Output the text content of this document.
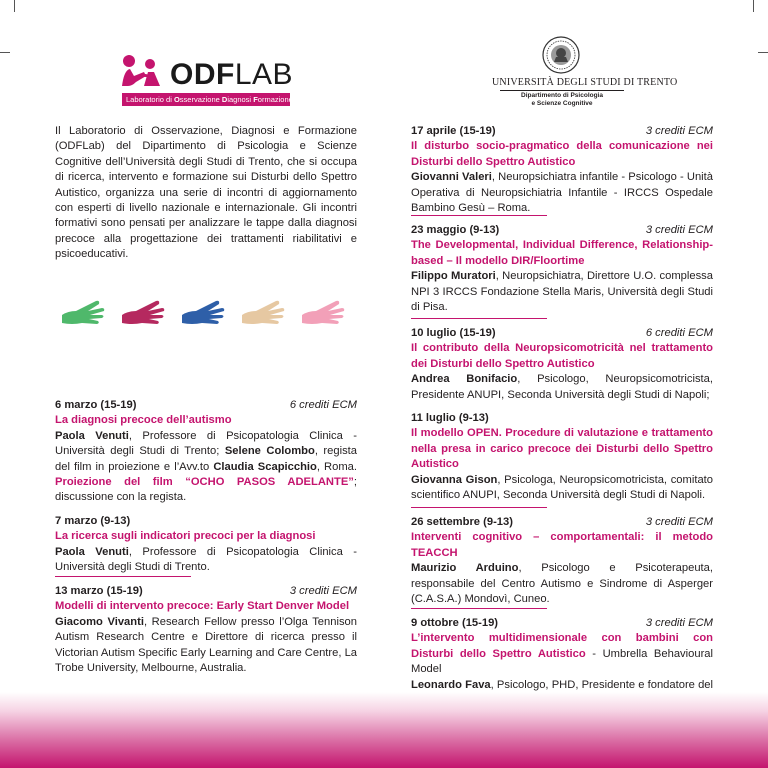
ODFLAB
Laboratorio di Osservazione Diagnosi Formazione
UNIVERSITÀ DEGLI STUDI DI TRENTO
Dipartimento di Psicologia
e Scienze Cognitive
Il Laboratorio di Osservazione, Diagnosi e Formazione (ODFLab) del Dipartimento di Psicologia e Scienze Cognitive dell’Università degli Studi di Trento, che si occupa di ricerca, intervento e formazione sui Disturbi dello Spettro Autistico, organizza una serie di incontri di aggiornamento con esperti di livello nazionale e internazionale. Gli incontri formativi sono pensati per analizzare le tappe dalla diagnosi precoce alla progettazione dei trattamenti riabilitativi e psicoeducativi.
6 marzo (15-19)	6 crediti ECM
La diagnosi precoce dell’autismo
Paola Venuti, Professore di Psicopatologia Clinica - Università degli Studi di Trento; Selene Colombo, regista del film in proiezione e l’Avv.to Claudia Scapicchio, Roma. Proiezione del film “OCHO PASOS ADELANTE”; discussione con la regista.
7 marzo (9-13)
La ricerca sugli indicatori precoci per la diagnosi
Paola Venuti, Professore di Psicopatologia Clinica - Università degli Studi di Trento.
13 marzo (15-19)	3 crediti ECM
Modelli di intervento precoce: Early Start Denver Model
Giacomo Vivanti, Research Fellow presso l’Olga Tennison Autism Research Centre e Direttore di ricerca presso il Victorian Autism Specific Early Learning and Care Centre, La Trobe University, Melbourne, Australia.
17 aprile (15-19)	3 crediti ECM
Il disturbo socio-pragmatico della comunicazione nei Disturbi dello Spettro Autistico
Giovanni Valeri, Neuropsichiatra infantile - Psicologo - Unità Operativa di Neuropsichiatria Infantile - IRCCS Ospedale Bambino Gesù – Roma.
23 maggio (9-13)	3 crediti ECM
The Developmental, Individual Difference, Relationship-based – Il modello DIR/Floortime
Filippo Muratori, Neuropsichiatra, Direttore U.O. complessa NPI 3 IRCCS Fondazione Stella Maris, Università degli Studi di Pisa.
10 luglio (15-19)	6 crediti ECM
Il contributo della Neuropsicomotricità nel trattamento dei Disturbi dello Spettro Autistico
Andrea Bonifacio, Psicologo, Neuropsicomotricista, Presidente ANUPI, Seconda Università degli Studi di Napoli;
11 luglio (9-13)
Il modello OPEN. Procedure di valutazione e trattamento nella presa in carico precoce dei Disturbi dello Spettro Autistico
Giovanna Gison, Psicologa, Neuropsicomotricista, comitato scientifico ANUPI, Seconda Università degli Studi di Napoli.
26 settembre (9-13)	3 crediti ECM
Interventi cognitivo – comportamentali: il metodo TEACCH
Maurizio Arduino, Psicologo e Psicoterapeuta, responsabile del Centro Autismo e Sindrome di Asperger (C.A.S.A.) Mondovì, Cuneo.
9 ottobre (15-19)	3 crediti ECM
L’intervento multidimensionale con bambini con Disturbi dello Spettro Autistico - Umbrella Behavioural Model
Leonardo Fava, Psicologo, PHD, Presidente e fondatore del
